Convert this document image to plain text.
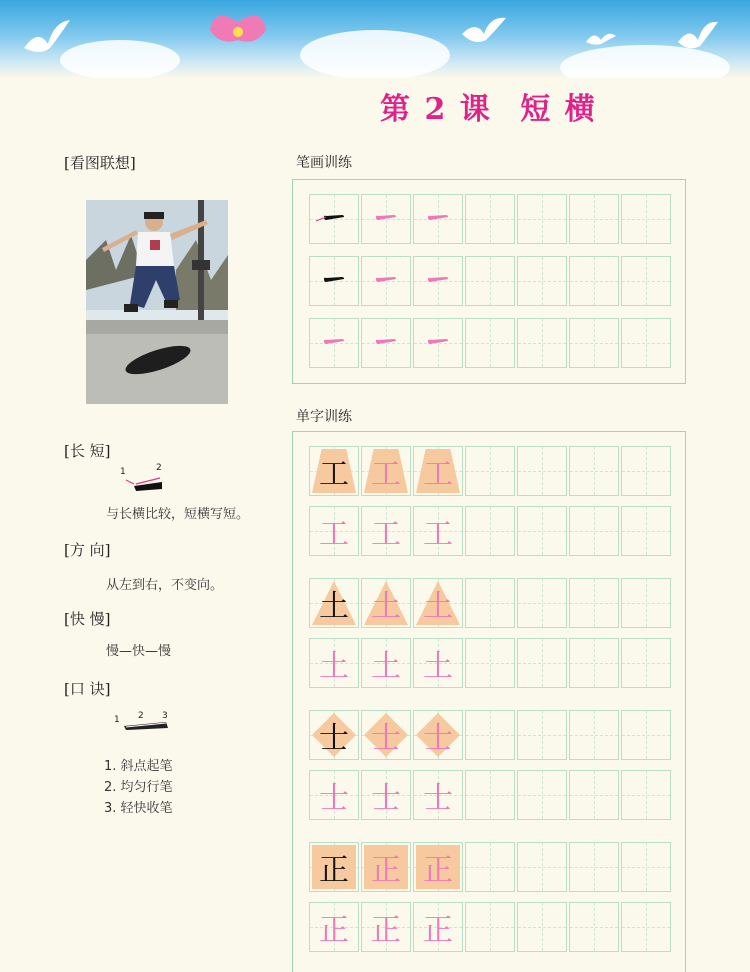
第 2 课 短 横
[看图联想]
[长 短]
1	2
与长横比较，短横写短。
[方 向]
从左到右，不变向。
[快 慢]
慢—快—慢
[口 诀]
1 2 3
1. 斜点起笔
2. 均匀行笔
3. 轻快收笔
笔画训练
单字训练
工 工 工
工 工 工
土 土 土
土 土 土
士 士 士
士 士 士
正 正 正
正 正 正
